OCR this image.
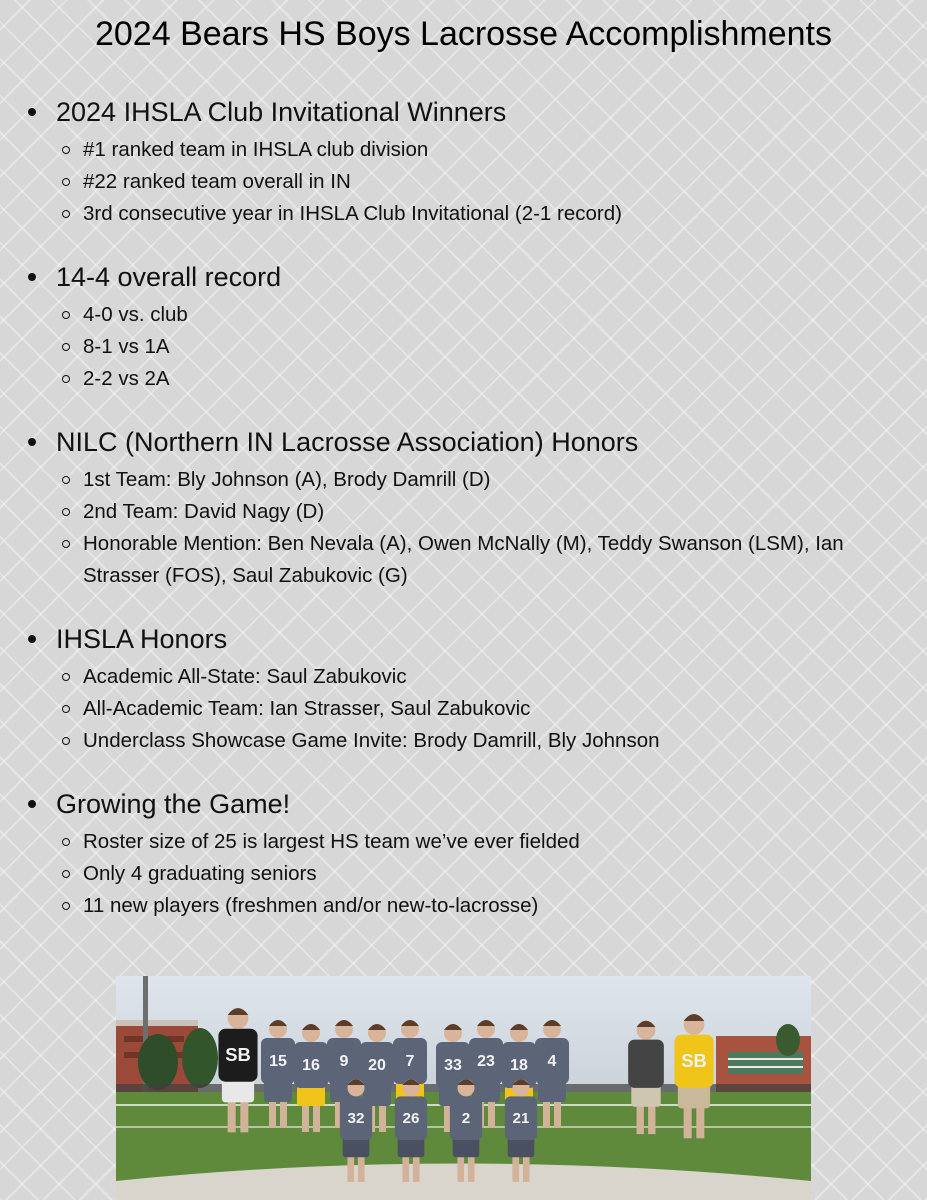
2024 Bears HS Boys Lacrosse Accomplishments
2024 IHSLA Club Invitational Winners
#1 ranked team in IHSLA club division
#22 ranked team overall in IN
3rd consecutive year in IHSLA Club Invitational (2-1 record)
14-4 overall record
4-0 vs. club
8-1 vs 1A
2-2 vs 2A
NILC (Northern IN Lacrosse Association) Honors
1st Team: Bly Johnson (A), Brody Damrill (D)
2nd Team: David Nagy (D)
Honorable Mention: Ben Nevala (A), Owen McNally (M), Teddy Swanson (LSM), Ian Strasser (FOS), Saul Zabukovic (G)
IHSLA Honors
Academic All-State: Saul Zabukovic
All-Academic Team: Ian Strasser, Saul Zabukovic
Underclass Showcase Game Invite: Brody Damrill, Bly Johnson
Growing the Game!
Roster size of 25 is largest HS team we’ve ever fielded
Only 4 graduating seniors
11 new players (freshmen and/or new-to-lacrosse)
SB 15 16 9 20 7 33 23 18 4	SB
32	26	2	21
